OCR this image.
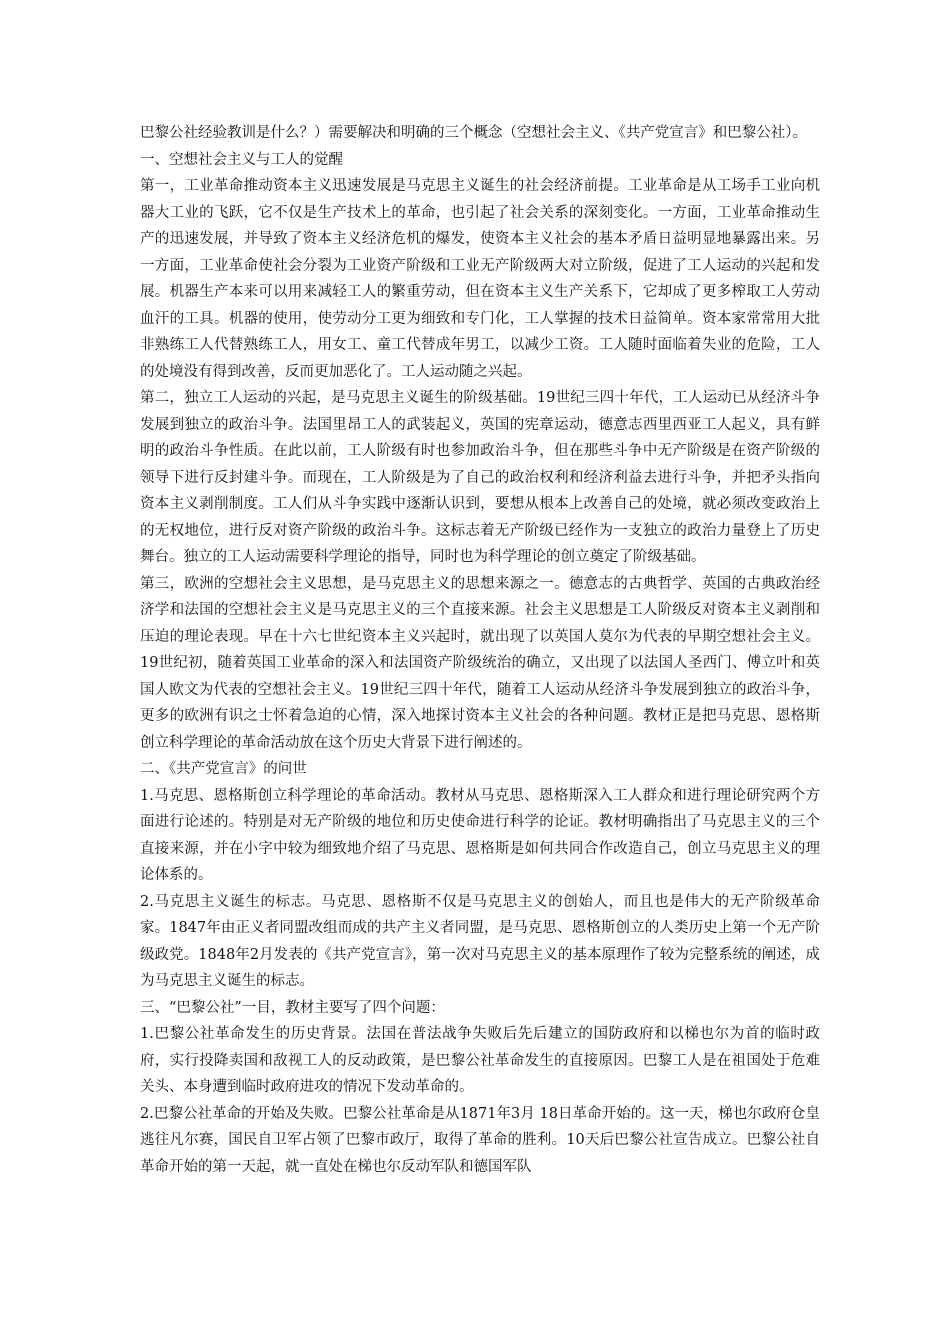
巴黎公社经验教训是什么？）需要解决和明确的三个概念（空想社会主义、《共产党宣言》和巴黎公社）。

一、空想社会主义与工人的觉醒

第一，工业革命推动资本主义迅速发展是马克思主义诞生的社会经济前提。工业革命是从工场手工业向机器大工业的飞跃，它不仅是生产技术上的革命，也引起了社会关系的深刻变化。一方面，工业革命推动生产的迅速发展，并导致了资本主义经济危机的爆发，使资本主义社会的基本矛盾日益明显地暴露出来。另一方面，工业革命使社会分裂为工业资产阶级和工业无产阶级两大对立阶级，促进了工人运动的兴起和发展。机器生产本来可以用来减轻工人的繁重劳动，但在资本主义生产关系下，它却成了更多榨取工人劳动血汗的工具。机器的使用，使劳动分工更为细致和专门化，工人掌握的技术日益简单。资本家常常用大批非熟练工人代替熟练工人，用女工、童工代替成年男工，以减少工资。工人随时面临着失业的危险，工人的处境没有得到改善，反而更加恶化了。工人运动随之兴起。

第二，独立工人运动的兴起，是马克思主义诞生的阶级基础。19世纪三四十年代，工人运动已从经济斗争发展到独立的政治斗争。法国里昂工人的武装起义，英国的宪章运动，德意志西里西亚工人起义，具有鲜明的政治斗争性质。在此以前，工人阶级有时也参加政治斗争，但在那些斗争中无产阶级是在资产阶级的领导下进行反封建斗争。而现在，工人阶级是为了自己的政治权利和经济利益去进行斗争，并把矛头指向资本主义剥削制度。工人们从斗争实践中逐渐认识到，要想从根本上改善自己的处境，就必须改变政治上的无权地位，进行反对资产阶级的政治斗争。这标志着无产阶级已经作为一支独立的政治力量登上了历史舞台。独立的工人运动需要科学理论的指导，同时也为科学理论的创立奠定了阶级基础。

第三，欧洲的空想社会主义思想，是马克思主义的思想来源之一。德意志的古典哲学、英国的古典政治经济学和法国的空想社会主义是马克思主义的三个直接来源。社会主义思想是工人阶级反对资本主义剥削和压迫的理论表现。早在十六七世纪资本主义兴起时，就出现了以英国人莫尔为代表的早期空想社会主义。19世纪初，随着英国工业革命的深入和法国资产阶级统治的确立，又出现了以法国人圣西门、傅立叶和英国人欧文为代表的空想社会主义。19世纪三四十年代，随着工人运动从经济斗争发展到独立的政治斗争，更多的欧洲有识之士怀着急迫的心情，深入地探讨资本主义社会的各种问题。教材正是把马克思、恩格斯创立科学理论的革命活动放在这个历史大背景下进行阐述的。

二、《共产党宣言》的问世

1.马克思、恩格斯创立科学理论的革命活动。教材从马克思、恩格斯深入工人群众和进行理论研究两个方面进行论述的。特别是对无产阶级的地位和历史使命进行科学的论证。教材明确指出了马克思主义的三个直接来源，并在小字中较为细致地介绍了马克思、恩格斯是如何共同合作改造自己，创立马克思主义的理论体系的。

2.马克思主义诞生的标志。马克思、恩格斯不仅是马克思主义的创始人，而且也是伟大的无产阶级革命家。1847年由正义者同盟改组而成的共产主义者同盟，是马克思、恩格斯创立的人类历史上第一个无产阶级政党。1848年2月发表的《共产党宣言》，第一次对马克思主义的基本原理作了较为完整系统的阐述，成为马克思主义诞生的标志。

三、“巴黎公社”一目，教材主要写了四个问题：

1.巴黎公社革命发生的历史背景。法国在普法战争失败后先后建立的国防政府和以梯也尔为首的临时政府，实行投降卖国和敌视工人的反动政策，是巴黎公社革命发生的直接原因。巴黎工人是在祖国处于危难关头、本身遭到临时政府进攻的情况下发动革命的。

2.巴黎公社革命的开始及失败。巴黎公社革命是从1871年3月 18日革命开始的。这一天，梯也尔政府仓皇逃往凡尔赛，国民自卫军占领了巴黎市政厅，取得了革命的胜利。10天后巴黎公社宣告成立。巴黎公社自革命开始的第一天起，就一直处在梯也尔反动军队和德国军队
